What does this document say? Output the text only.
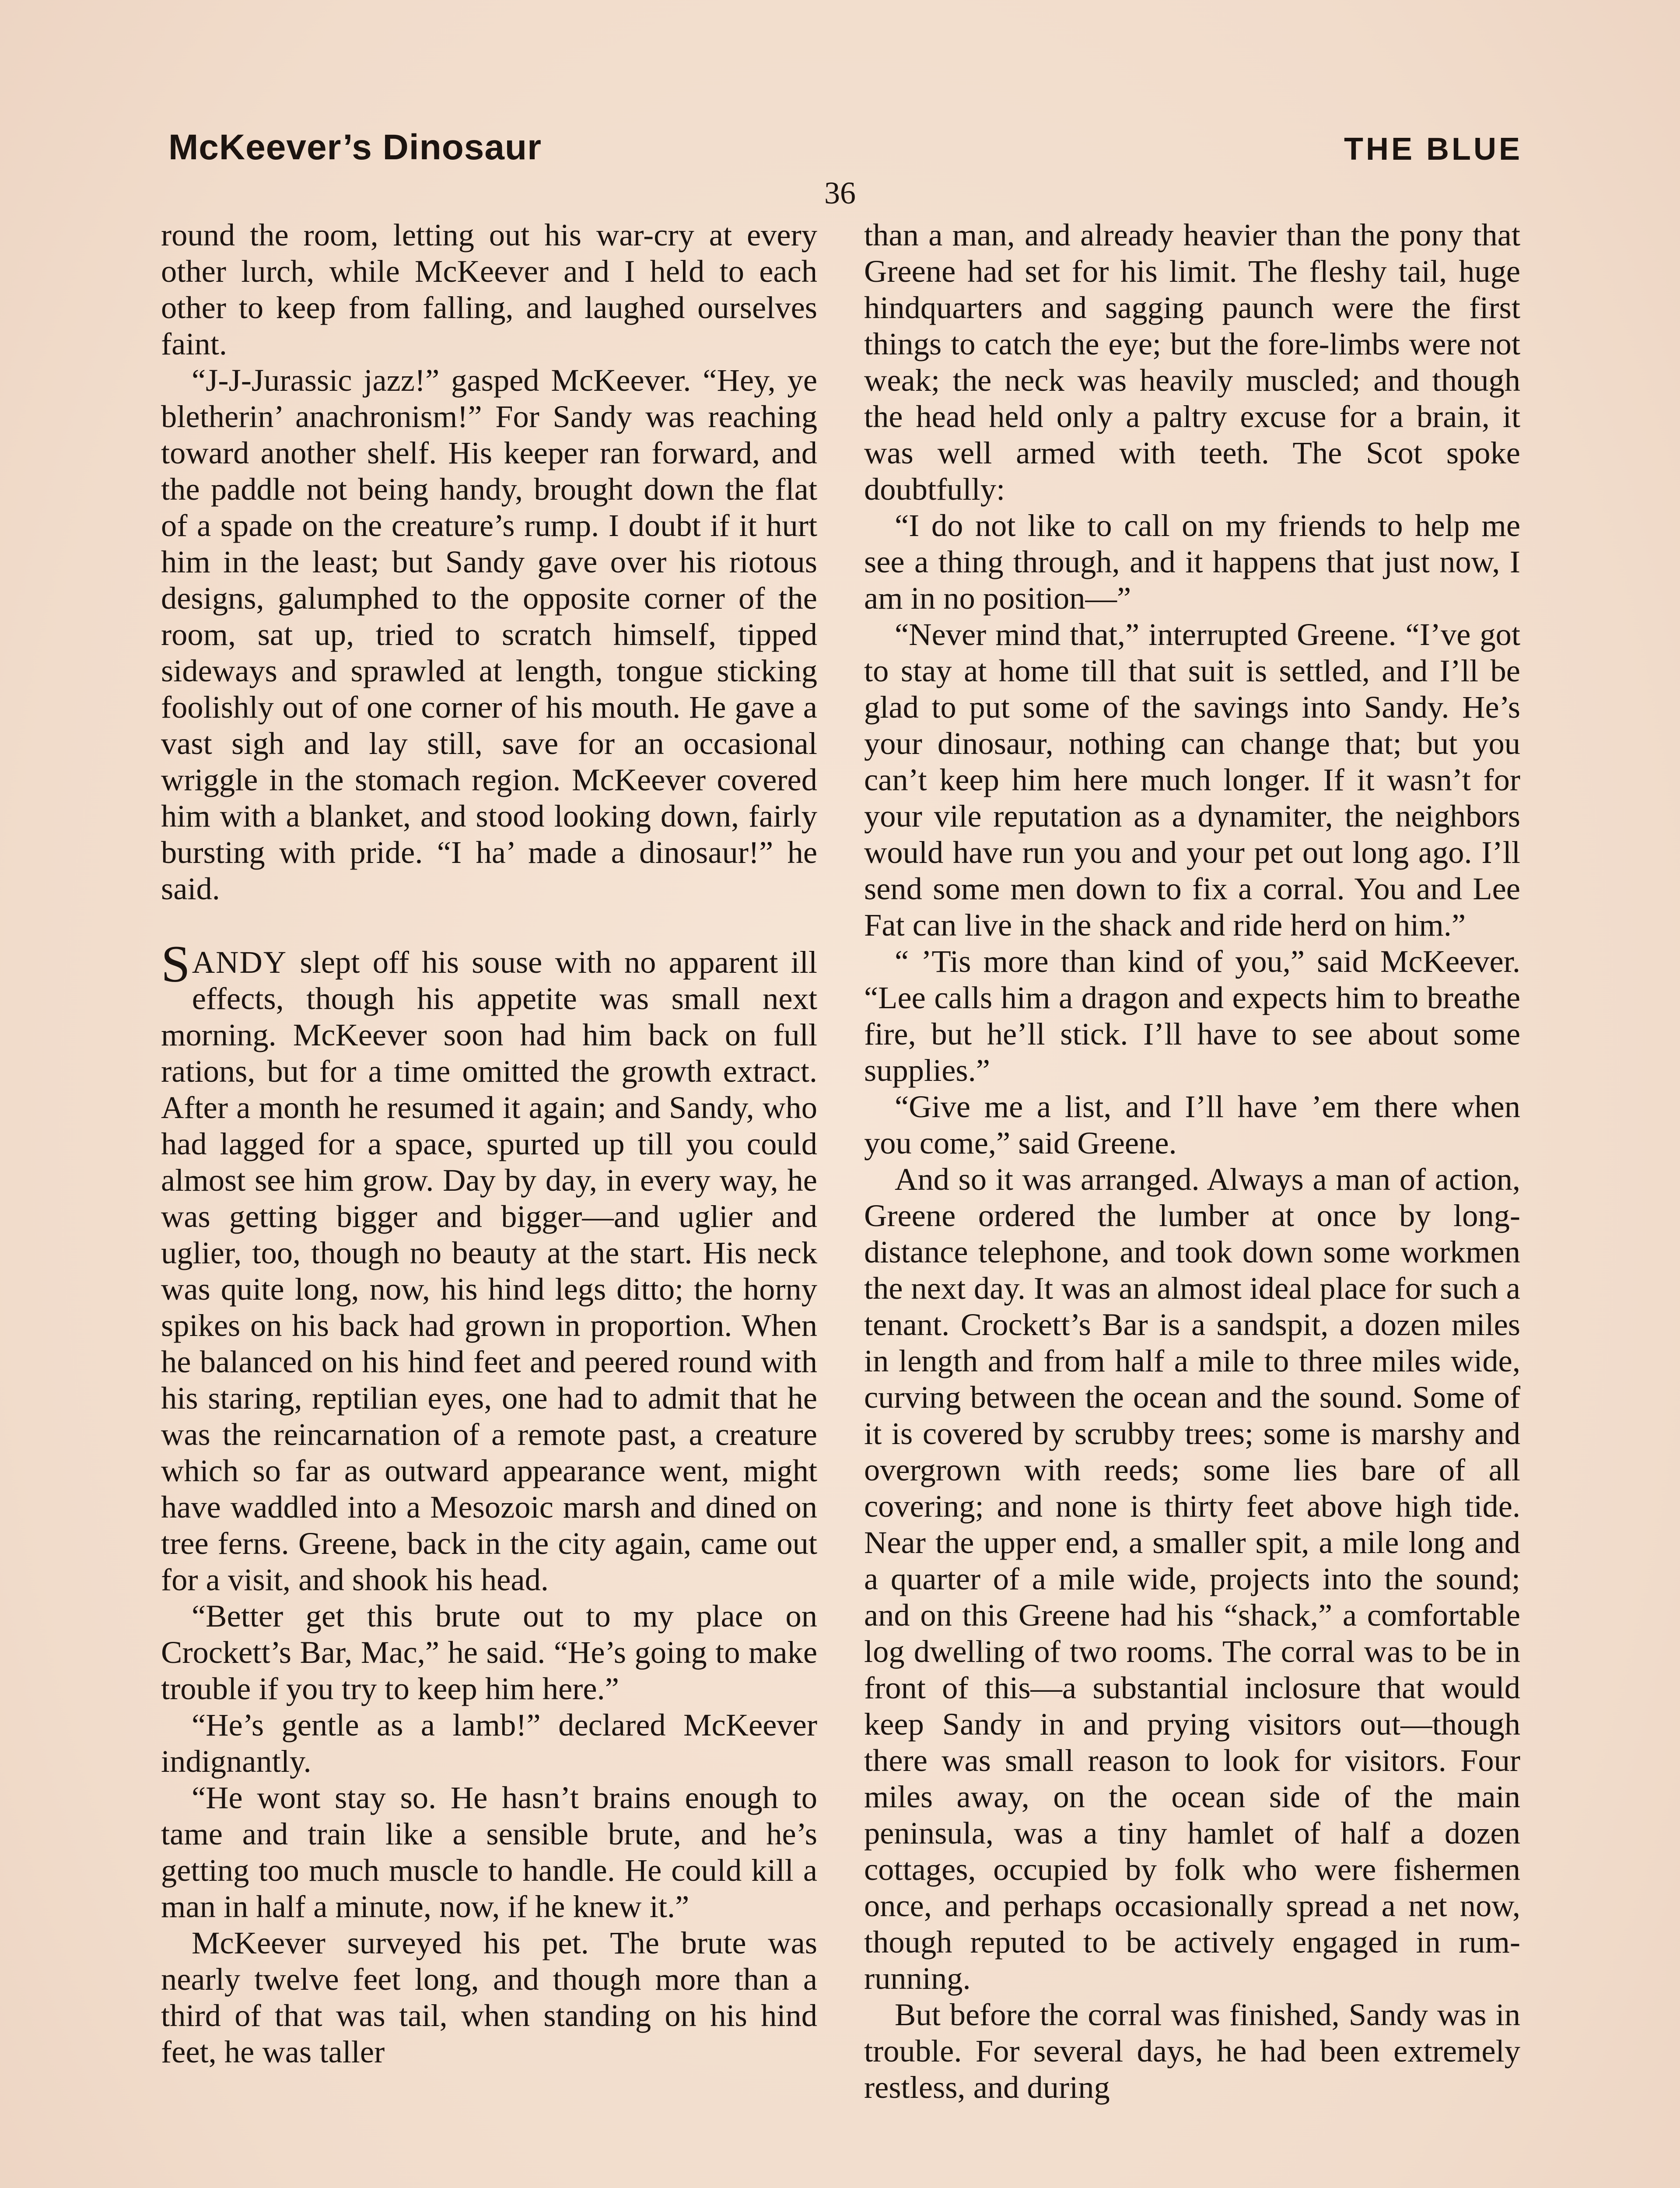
McKeever’s Dinosaur	THE BLUE
36

round the room, letting out his war-cry at every other lurch, while McKeever and I held to each other to keep from falling, and laughed ourselves faint.

“J-J-Jurassic jazz!” gasped McKeever. “Hey, ye bletherin’ anachronism!” For Sandy was reaching toward another shelf. His keeper ran forward, and the paddle not being handy, brought down the flat of a spade on the creature’s rump. I doubt if it hurt him in the least; but Sandy gave over his riotous designs, galumphed to the opposite corner of the room, sat up, tried to scratch himself, tipped sideways and sprawled at length, tongue sticking foolishly out of one corner of his mouth. He gave a vast sigh and lay still, save for an occasional wriggle in the stomach region. McKeever covered him with a blanket, and stood looking down, fairly bursting with pride. “I ha’ made a dinosaur!” he said.

SANDY slept off his souse with no apparent ill effects, though his appetite was small next morning. McKeever soon had him back on full rations, but for a time omitted the growth extract. After a month he resumed it again; and Sandy, who had lagged for a space, spurted up till you could almost see him grow. Day by day, in every way, he was getting bigger and bigger—and uglier and uglier, too, though no beauty at the start. His neck was quite long, now, his hind legs ditto; the horny spikes on his back had grown in proportion. When he balanced on his hind feet and peered round with his staring, reptilian eyes, one had to admit that he was the reincarnation of a remote past, a creature which so far as outward appearance went, might have waddled into a Mesozoic marsh and dined on tree ferns. Greene, back in the city again, came out for a visit, and shook his head.

“Better get this brute out to my place on Crockett’s Bar, Mac,” he said. “He’s going to make trouble if you try to keep him here.”

“He’s gentle as a lamb!” declared McKeever indignantly.

“He wont stay so. He hasn’t brains enough to tame and train like a sensible brute, and he’s getting too much muscle to handle. He could kill a man in half a minute, now, if he knew it.”

McKeever surveyed his pet. The brute was nearly twelve feet long, and though more than a third of that was tail, when standing on his hind feet, he was taller

than a man, and already heavier than the pony that Greene had set for his limit. The fleshy tail, huge hindquarters and sagging paunch were the first things to catch the eye; but the fore-limbs were not weak; the neck was heavily muscled; and though the head held only a paltry excuse for a brain, it was well armed with teeth. The Scot spoke doubtfully:

“I do not like to call on my friends to help me see a thing through, and it happens that just now, I am in no position—”

“Never mind that,” interrupted Greene. “I’ve got to stay at home till that suit is settled, and I’ll be glad to put some of the savings into Sandy. He’s your dinosaur, nothing can change that; but you can’t keep him here much longer. If it wasn’t for your vile reputation as a dynamiter, the neighbors would have run you and your pet out long ago. I’ll send some men down to fix a corral. You and Lee Fat can live in the shack and ride herd on him.”

“ ’Tis more than kind of you,” said McKeever. “Lee calls him a dragon and expects him to breathe fire, but he’ll stick. I’ll have to see about some supplies.”

“Give me a list, and I’ll have ’em there when you come,” said Greene.

And so it was arranged. Always a man of action, Greene ordered the lumber at once by long-distance telephone, and took down some workmen the next day. It was an almost ideal place for such a tenant. Crockett’s Bar is a sandspit, a dozen miles in length and from half a mile to three miles wide, curving between the ocean and the sound. Some of it is covered by scrubby trees; some is marshy and overgrown with reeds; some lies bare of all covering; and none is thirty feet above high tide. Near the upper end, a smaller spit, a mile long and a quarter of a mile wide, projects into the sound; and on this Greene had his “shack,” a comfortable log dwelling of two rooms. The corral was to be in front of this—a substantial inclosure that would keep Sandy in and prying visitors out—though there was small reason to look for visitors. Four miles away, on the ocean side of the main peninsula, was a tiny hamlet of half a dozen cottages, occupied by folk who were fishermen once, and perhaps occasionally spread a net now, though reputed to be actively engaged in rum-running.

But before the corral was finished, Sandy was in trouble. For several days, he had been extremely restless, and during
